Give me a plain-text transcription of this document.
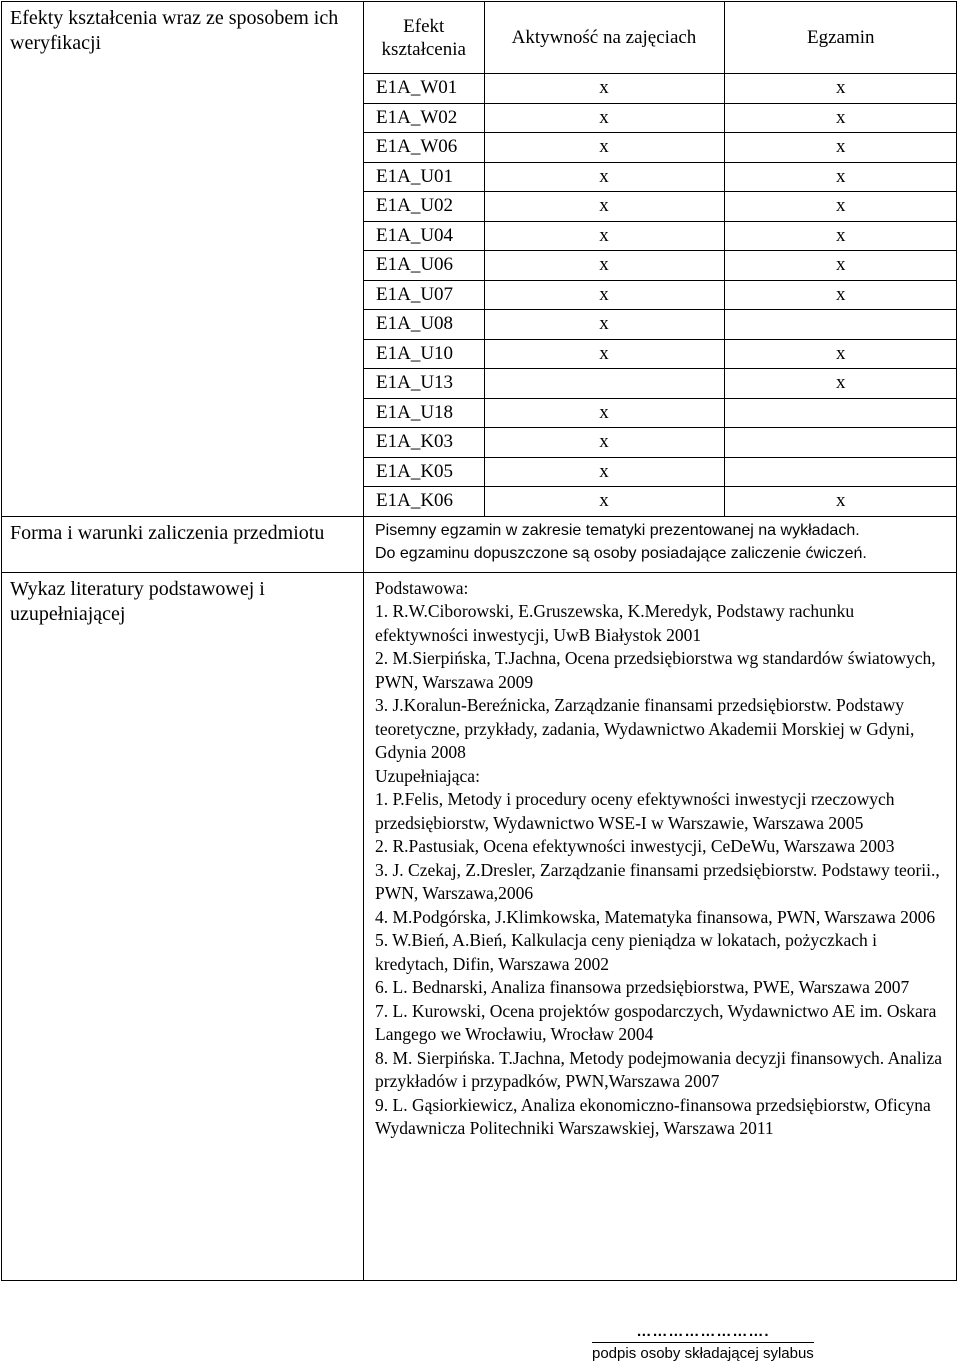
Efekty kształcenia wraz ze sposobem ich weryfikacji	
Efekt kształcenia	Aktywność na zajęciach	Egzamin
E1A_W01	x	x
E1A_W02	x	x
E1A_W06	x	x
E1A_U01	x	x
E1A_U02	x	x
E1A_U04	x	x
E1A_U06	x	x
E1A_U07	x	x
E1A_U08	x	
E1A_U10	x	x
E1A_U13		x
E1A_U18	x	
E1A_K03	x	
E1A_K05	x	
E1A_K06	x	x

Forma i warunki zaliczenia przedmiotu	Pisemny egzamin w zakresie tematyki prezentowanej na wykładach.
Do egzaminu dopuszczone są osoby posiadające zaliczenie ćwiczeń.

Wykaz literatury podstawowej i uzupełniającej	
Podstawowa:
1. R.W.Ciborowski, E.Gruszewska, K.Meredyk, Podstawy rachunku efektywności inwestycji, UwB Białystok 2001
2. M.Sierpińska, T.Jachna, Ocena przedsiębiorstwa wg standardów światowych, PWN, Warszawa 2009
3. J.Koralun-Bereźnicka, Zarządzanie finansami przedsiębiorstw. Podstawy teoretyczne, przykłady, zadania, Wydawnictwo Akademii Morskiej w Gdyni, Gdynia 2008
Uzupełniająca:
1. P.Felis, Metody i procedury oceny efektywności inwestycji rzeczowych przedsiębiorstw, Wydawnictwo WSE-I w Warszawie, Warszawa 2005
2. R.Pastusiak, Ocena efektywności inwestycji, CeDeWu, Warszawa 2003
3. J. Czekaj, Z.Dresler, Zarządzanie finansami przedsiębiorstw. Podstawy teorii., PWN, Warszawa,2006
4. M.Podgórska, J.Klimkowska, Matematyka finansowa, PWN, Warszawa 2006
5. W.Bień, A.Bień, Kalkulacja ceny pieniądza w lokatach, pożyczkach i kredytach, Difin, Warszawa 2002
6. L. Bednarski, Analiza finansowa przedsiębiorstwa, PWE, Warszawa 2007
7. L. Kurowski, Ocena projektów gospodarczych, Wydawnictwo AE im. Oskara Langego we Wrocławiu, Wrocław 2004
8. M. Sierpińska. T.Jachna, Metody podejmowania decyzji finansowych. Analiza przykładów i przypadków, PWN,Warszawa 2007
9. L. Gąsiorkiewicz, Analiza ekonomiczno-finansowa przedsiębiorstw, Oficyna Wydawnicza Politechniki Warszawskiej, Warszawa 2011
…………………….
podpis osoby składającej sylabus
